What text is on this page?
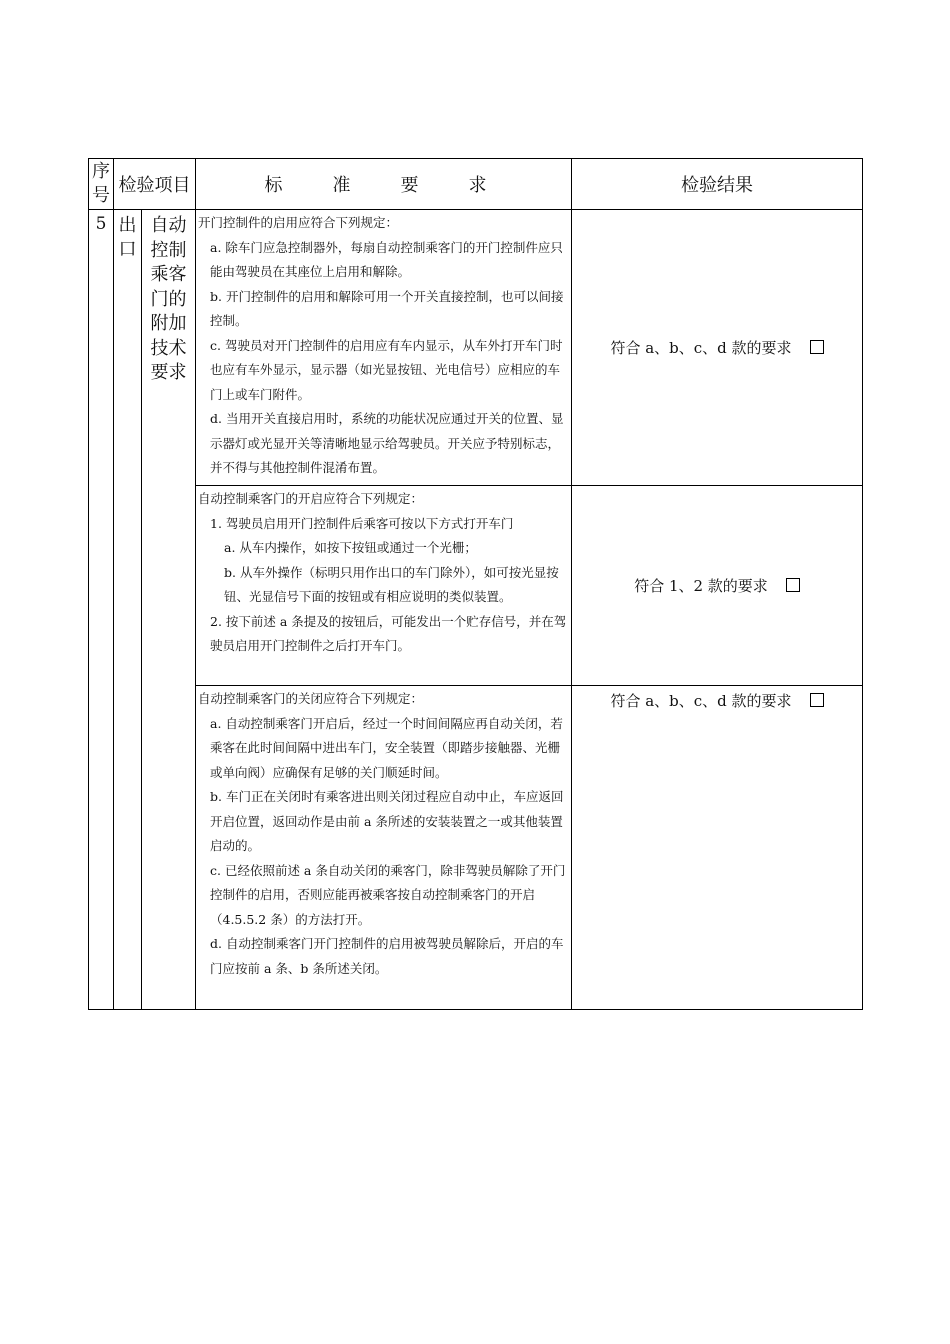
序号	检验项目		标　准　要　求	检验结果
5	出口	自动控制乘客门的附加技术要求	开门控制件的启用应符合下列规定：
a. 除车门应急控制器外，每扇自动控制乘客门的开门控制件应只能由驾驶员在其座位上启用和解除。
b. 开门控制件的启用和解除可用一个开关直接控制，也可以间接控制。
c. 驾驶员对开门控制件的启用应有车内显示，从车外打开车门时也应有车外显示，显示器（如光显按钮、光电信号）应相应的车门上或车门附件。
d. 当用开关直接启用时，系统的功能状况应通过开关的位置、显示器灯或光显开关等清晰地显示给驾驶员。开关应予特别标志，并不得与其他控制件混淆布置。	符合 a、b、c、d 款的要求

			自动控制乘客门的开启应符合下列规定：
1. 驾驶员启用开门控制件后乘客可按以下方式打开车门
a. 从车内操作，如按下按钮或通过一个光栅；
b. 从车外操作（标明只用作出口的车门除外），如可按光显按钮、光显信号下面的按钮或有相应说明的类似装置。
2. 按下前述 a 条提及的按钮后，可能发出一个贮存信号，并在驾驶员启用开门控制件之后打开车门。	符合 1、2 款的要求

			自动控制乘客门的关闭应符合下列规定：
a. 自动控制乘客门开启后，经过一个时间间隔应再自动关闭，若乘客在此时间间隔中进出车门，安全装置（即踏步接触器、光栅或单向阀）应确保有足够的关门顺延时间。
b. 车门正在关闭时有乘客进出则关闭过程应自动中止，车应返回开启位置，返回动作是由前 a 条所述的安装装置之一或其他装置启动的。
c. 已经依照前述 a 条自动关闭的乘客门，除非驾驶员解除了开门控制件的启用，否则应能再被乘客按自动控制乘客门的开启（4.5.5.2 条）的方法打开。
d. 自动控制乘客门开门控制件的启用被驾驶员解除后，开启的车门应按前 a 条、b 条所述关闭。	符合 a、b、c、d 款的要求
